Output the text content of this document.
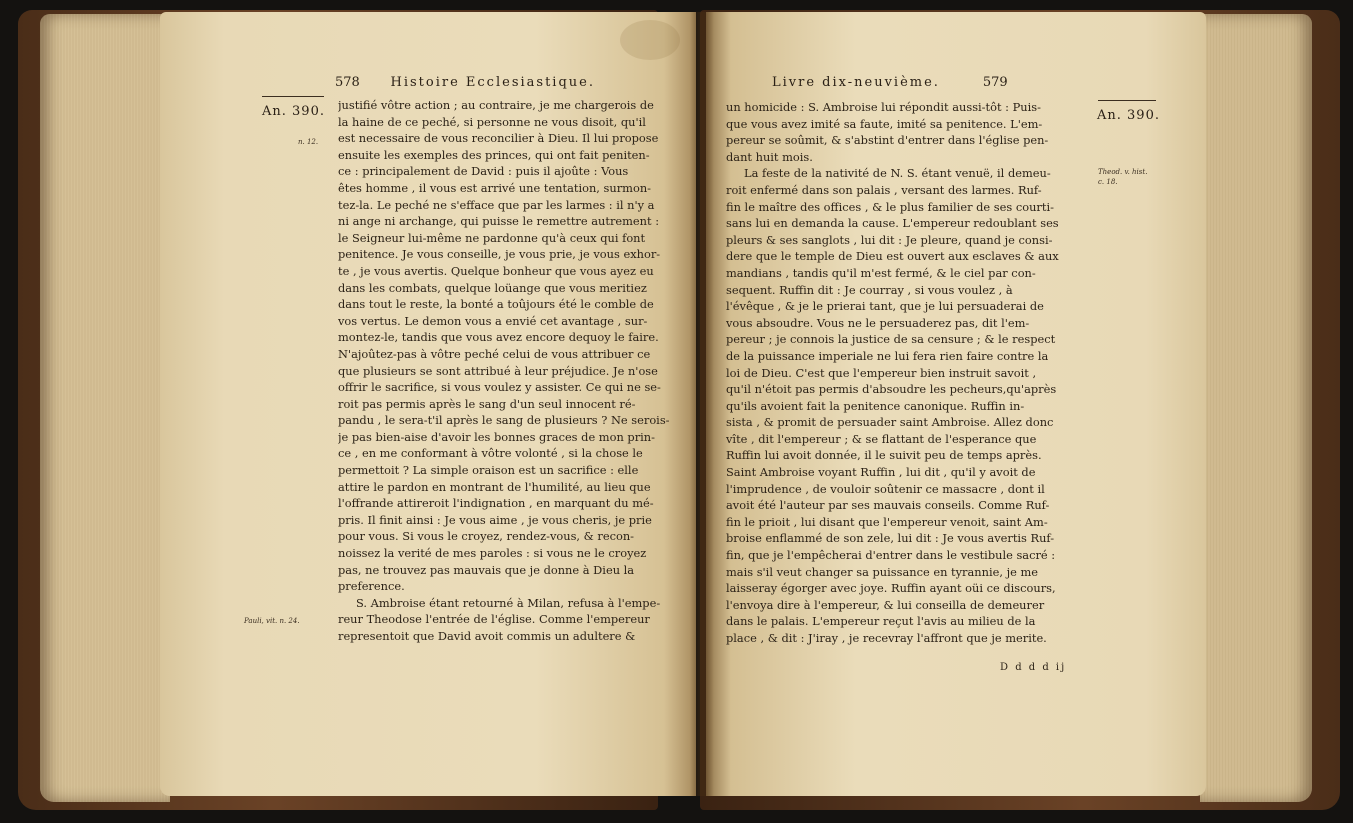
578 Histoire Ecclesiastique.
An. 390.
n. 12.
Pauli, vit. n. 24.
justifié vôtre action ; au contraire, je me chargerois de
la haine de ce peché, si personne ne vous disoit, qu'il
est necessaire de vous reconcilier à Dieu. Il lui propose
ensuite les exemples des princes, qui ont fait peniten-
ce : principalement de David : puis il ajoûte : Vous
êtes homme , il vous est arrivé une tentation, surmon-
tez-la. Le peché ne s'efface que par les larmes : il n'y a
ni ange ni archange, qui puisse le remettre autrement :
le Seigneur lui-même ne pardonne qu'à ceux qui font
penitence. Je vous conseille, je vous prie, je vous exhor-
te , je vous avertis. Quelque bonheur que vous ayez eu
dans les combats, quelque loüange que vous meritiez
dans tout le reste, la bonté a toûjours été le comble de
vos vertus. Le demon vous a envié cet avantage , sur-
montez-le, tandis que vous avez encore dequoy le faire.
N'ajoûtez-pas à vôtre peché celui de vous attribuer ce
que plusieurs se sont attribué à leur préjudice. Je n'ose
offrir le sacrifice, si vous voulez y assister. Ce qui ne se-
roit pas permis après le sang d'un seul innocent ré-
pandu , le sera-t'il après le sang de plusieurs ? Ne serois-
je pas bien-aise d'avoir les bonnes graces de mon prin-
ce , en me conformant à vôtre volonté , si la chose le
permettoit ? La simple oraison est un sacrifice : elle
attire le pardon en montrant de l'humilité, au lieu que
l'offrande attireroit l'indignation , en marquant du mé-
pris. Il finit ainsi : Je vous aime , je vous cheris, je prie
pour vous. Si vous le croyez, rendez-vous, & recon-
noissez la verité de mes paroles : si vous ne le croyez
pas, ne trouvez pas mauvais que je donne à Dieu la
preference.
S. Ambroise étant retourné à Milan, refusa à l'empe-
reur Theodose l'entrée de l'église. Comme l'empereur
representoit que David avoit commis un adultere &
Livre dix-neuvième.	579
An. 390.
Theod. v. hist.
c. 18.
un homicide : S. Ambroise lui répondit aussi-tôt : Puis-
que vous avez imité sa faute, imité sa penitence. L'em-
pereur se soûmit, & s'abstint d'entrer dans l'église pen-
dant huit mois.
La feste de la nativité de N. S. étant venuë, il demeu-
roit enfermé dans son palais , versant des larmes. Ruf-
fin le maître des offices , & le plus familier de ses courti-
sans lui en demanda la cause. L'empereur redoublant ses
pleurs & ses sanglots , lui dit : Je pleure, quand je consi-
dere que le temple de Dieu est ouvert aux esclaves & aux
mandians , tandis qu'il m'est fermé, & le ciel par con-
sequent. Ruffin dit : Je courray , si vous voulez , à
l'évêque , & je le prierai tant, que je lui persuaderai de
vous absoudre. Vous ne le persuaderez pas, dit l'em-
pereur ; je connois la justice de sa censure ; & le respect
de la puissance imperiale ne lui fera rien faire contre la
loi de Dieu. C'est que l'empereur bien instruit savoit ,
qu'il n'étoit pas permis d'absoudre les pecheurs,qu'après
qu'ils avoient fait la penitence canonique. Ruffin in-
sista , & promit de persuader saint Ambroise. Allez donc
vîte , dit l'empereur ; & se flattant de l'esperance que
Ruffin lui avoit donnée, il le suivit peu de temps après.
Saint Ambroise voyant Ruffin , lui dit , qu'il y avoit de
l'imprudence , de vouloir soûtenir ce massacre , dont il
avoit été l'auteur par ses mauvais conseils. Comme Ruf-
fin le prioit , lui disant que l'empereur venoit, saint Am-
broise enflammé de son zele, lui dit : Je vous avertis Ruf-
fin, que je l'empêcherai d'entrer dans le vestibule sacré :
mais s'il veut changer sa puissance en tyrannie, je me
laisseray égorger avec joye. Ruffin ayant oüi ce discours,
l'envoya dire à l'empereur, & lui conseilla de demeurer
dans le palais. L'empereur reçut l'avis au milieu de la
place , & dit : J'iray , je recevray l'affront que je merite.
D d d d ij
